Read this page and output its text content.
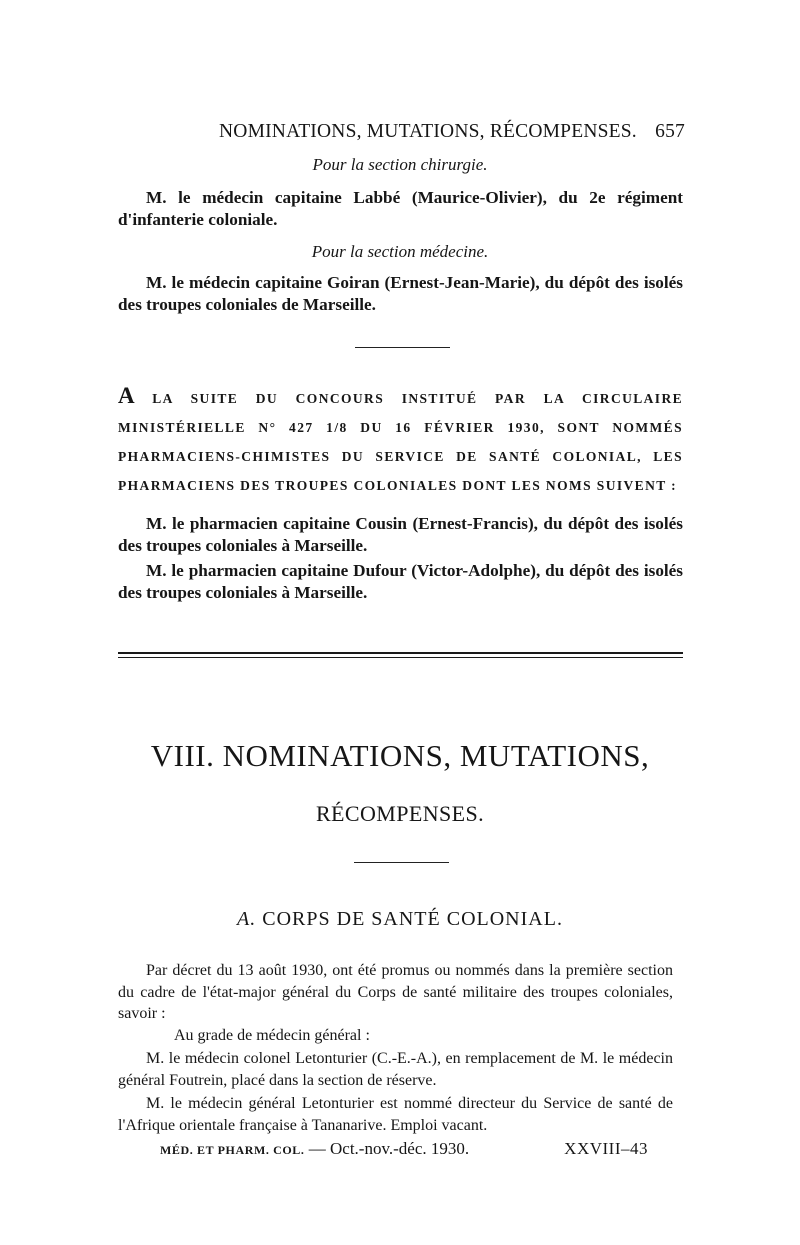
NOMINATIONS, MUTATIONS, RÉCOMPENSES. 657

Pour la section chirurgie.

M. le médecin capitaine Labbé (Maurice-Olivier), du 2e régiment d'infanterie coloniale.

Pour la section médecine.

M. le médecin capitaine Goiran (Ernest-Jean-Marie), du dépôt des isolés des troupes coloniales de Marseille.

A LA SUITE DU CONCOURS INSTITUÉ PAR LA CIRCULAIRE MINISTÉRIELLE N° 427 1/8 DU 16 FÉVRIER 1930, SONT NOMMÉS PHARMACIENS-CHIMISTES DU SERVICE DE SANTÉ COLONIAL, LES PHARMACIENS DES TROUPES COLONIALES DONT LES NOMS SUIVENT :

M. le pharmacien capitaine Cousin (Ernest-Francis), du dépôt des isolés des troupes coloniales à Marseille.

M. le pharmacien capitaine Dufour (Victor-Adolphe), du dépôt des isolés des troupes coloniales à Marseille.

VIII. NOMINATIONS, MUTATIONS,

RÉCOMPENSES.

A. CORPS DE SANTÉ COLONIAL.

Par décret du 13 août 1930, ont été promus ou nommés dans la première section du cadre de l'état-major général du Corps de santé militaire des troupes coloniales, savoir :

Au grade de médecin général :

M. le médecin colonel Letonturier (C.-E.-A.), en remplacement de M. le médecin général Foutrein, placé dans la section de réserve.

M. le médecin général Letonturier est nommé directeur du Service de santé de l'Afrique orientale française à Tananarive. Emploi vacant.

MÉD. ET PHARM. COL. — Oct.-nov.-déc. 1930.	XXVIII–43
